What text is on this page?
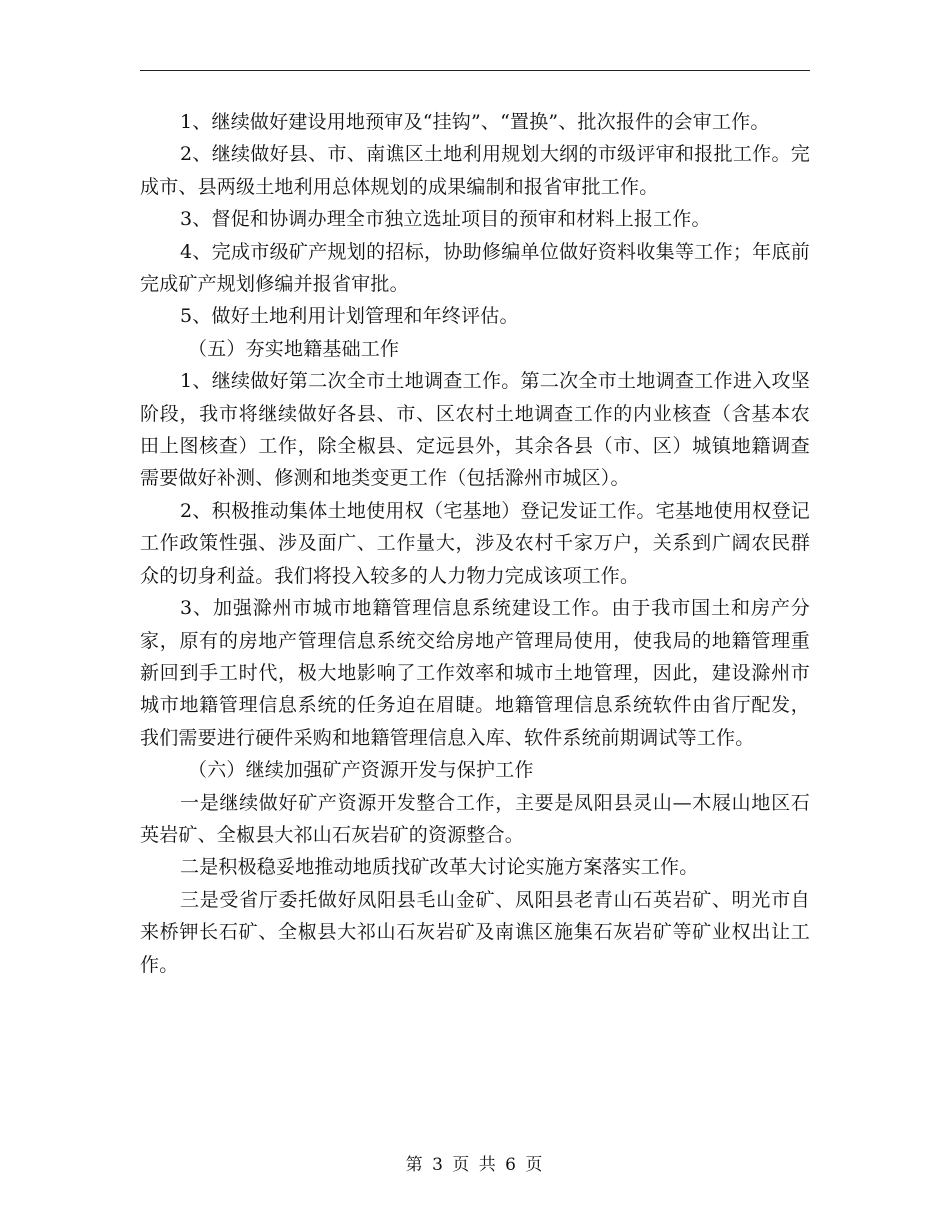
1、继续做好建设用地预审及“挂钩”、“置换”、批次报件的会审工作。

2、继续做好县、市、南谯区土地利用规划大纲的市级评审和报批工作。完成市、县两级土地利用总体规划的成果编制和报省审批工作。

3、督促和协调办理全市独立选址项目的预审和材料上报工作。

4、完成市级矿产规划的招标，协助修编单位做好资料收集等工作；年底前完成矿产规划修编并报省审批。

5、做好土地利用计划管理和年终评估。

（五）夯实地籍基础工作

1、继续做好第二次全市土地调查工作。第二次全市土地调查工作进入攻坚阶段，我市将继续做好各县、市、区农村土地调查工作的内业核查（含基本农田上图核查）工作，除全椒县、定远县外，其余各县（市、区）城镇地籍调查需要做好补测、修测和地类变更工作（包括滁州市城区）。

2、积极推动集体土地使用权（宅基地）登记发证工作。宅基地使用权登记工作政策性强、涉及面广、工作量大，涉及农村千家万户，关系到广阔农民群众的切身利益。我们将投入较多的人力物力完成该项工作。

3、加强滁州市城市地籍管理信息系统建设工作。由于我市国土和房产分家，原有的房地产管理信息系统交给房地产管理局使用，使我局的地籍管理重新回到手工时代，极大地影响了工作效率和城市土地管理，因此，建设滁州市城市地籍管理信息系统的任务迫在眉睫。地籍管理信息系统软件由省厅配发，我们需要进行硬件采购和地籍管理信息入库、软件系统前期调试等工作。

（六）继续加强矿产资源开发与保护工作

一是继续做好矿产资源开发整合工作，主要是凤阳县灵山—木屐山地区石英岩矿、全椒县大祁山石灰岩矿的资源整合。

二是积极稳妥地推动地质找矿改革大讨论实施方案落实工作。

三是受省厅委托做好凤阳县毛山金矿、凤阳县老青山石英岩矿、明光市自来桥钾长石矿、全椒县大祁山石灰岩矿及南谯区施集石灰岩矿等矿业权出让工作。

第 3 页 共 6 页
